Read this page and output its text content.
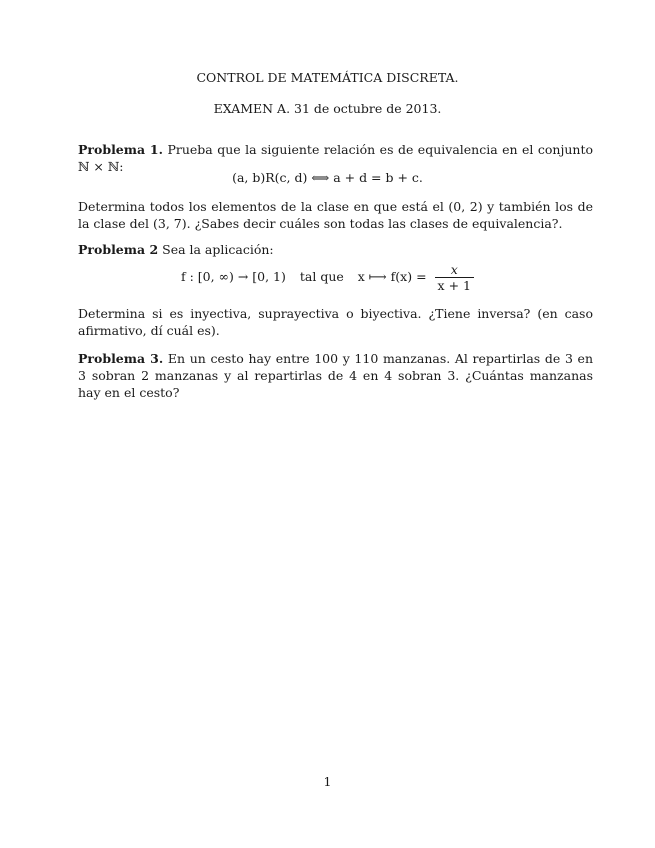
CONTROL DE MATEMÁTICA DISCRETA.
EXAMEN A. 31 de octubre de 2013.
Problema 1. Prueba que la siguiente relación es de equivalencia en el conjunto ℕ × ℕ:
(a, b)R(c, d) ⟺ a + d = b + c.
Determina todos los elementos de la clase en que está el (0, 2) y también los de la clase del (3, 7). ¿Sabes decir cuáles son todas las clases de equivalencia?.
Problema 2 Sea la aplicación:
f : [0, ∞) → [0, 1) tal que x ⟼ $f(x) = \frac{x}{x + 1}$
Determina si es inyectiva, suprayectiva o biyectiva. ¿Tiene inversa? (en caso afirmativo, dí cuál es).
Problema 3. En un cesto hay entre 100 y 110 manzanas. Al repartirlas de 3 en 3 sobran 2 manzanas y al repartirlas de 4 en 4 sobran 3. ¿Cuántas manzanas hay en el cesto?
1
